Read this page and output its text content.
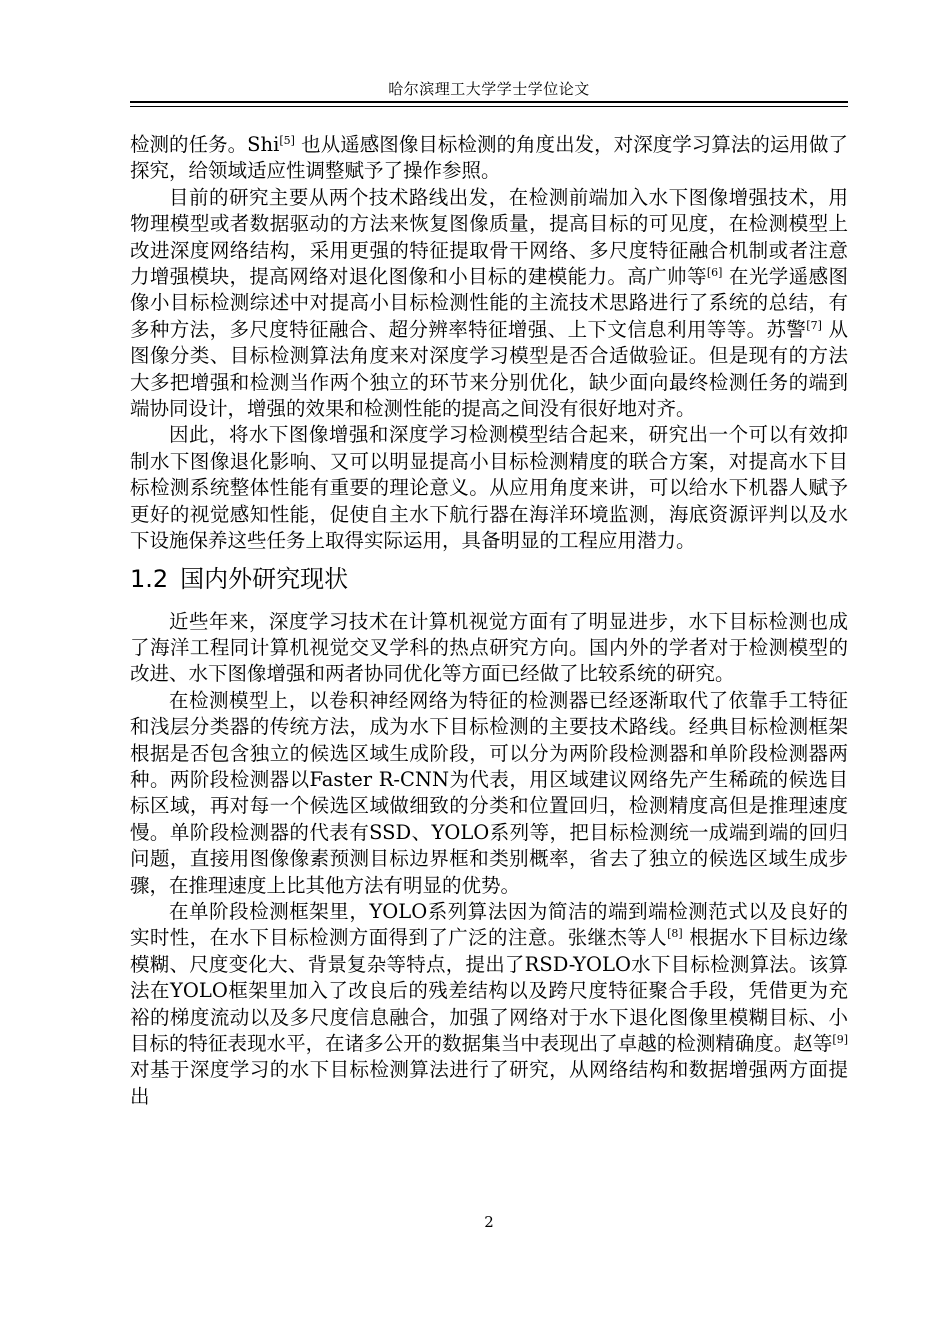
哈尔滨理工大学学士学位论文

检测的任务。Shi[5] 也从遥感图像目标检测的角度出发，对深度学习算法的运用做了探究，给领域适应性调整赋予了操作参照。

目前的研究主要从两个技术路线出发，在检测前端加入水下图像增强技术，用物理模型或者数据驱动的方法来恢复图像质量，提高目标的可见度，在检测模型上改进深度网络结构，采用更强的特征提取骨干网络、多尺度特征融合机制或者注意力增强模块，提高网络对退化图像和小目标的建模能力。高广帅等[6] 在光学遥感图像小目标检测综述中对提高小目标检测性能的主流技术思路进行了系统的总结，有多种方法，多尺度特征融合、超分辨率特征增强、上下文信息利用等等。苏警[7] 从图像分类、目标检测算法角度来对深度学习模型是否合适做验证。但是现有的方法大多把增强和检测当作两个独立的环节来分别优化，缺少面向最终检测任务的端到端协同设计，增强的效果和检测性能的提高之间没有很好地对齐。

因此，将水下图像增强和深度学习检测模型结合起来，研究出一个可以有效抑制水下图像退化影响、又可以明显提高小目标检测精度的联合方案，对提高水下目标检测系统整体性能有重要的理论意义。从应用角度来讲，可以给水下机器人赋予更好的视觉感知性能，促使自主水下航行器在海洋环境监测，海底资源评判以及水下设施保养这些任务上取得实际运用，具备明显的工程应用潜力。

1.2 国内外研究现状

近些年来，深度学习技术在计算机视觉方面有了明显进步，水下目标检测也成了海洋工程同计算机视觉交叉学科的热点研究方向。国内外的学者对于检测模型的改进、水下图像增强和两者协同优化等方面已经做了比较系统的研究。

在检测模型上，以卷积神经网络为特征的检测器已经逐渐取代了依靠手工特征和浅层分类器的传统方法，成为水下目标检测的主要技术路线。经典目标检测框架根据是否包含独立的候选区域生成阶段，可以分为两阶段检测器和单阶段检测器两种。两阶段检测器以Faster R-CNN为代表，用区域建议网络先产生稀疏的候选目标区域，再对每一个候选区域做细致的分类和位置回归，检测精度高但是推理速度慢。单阶段检测器的代表有SSD、YOLO系列等，把目标检测统一成端到端的回归问题，直接用图像像素预测目标边界框和类别概率，省去了独立的候选区域生成步骤，在推理速度上比其他方法有明显的优势。

在单阶段检测框架里，YOLO系列算法因为简洁的端到端检测范式以及良好的实时性，在水下目标检测方面得到了广泛的注意。张继杰等人[8] 根据水下目标边缘模糊、尺度变化大、背景复杂等特点，提出了RSD-YOLO水下目标检测算法。该算法在YOLO框架里加入了改良后的残差结构以及跨尺度特征聚合手段，凭借更为充裕的梯度流动以及多尺度信息融合，加强了网络对于水下退化图像里模糊目标、小目标的特征表现水平，在诸多公开的数据集当中表现出了卓越的检测精确度。赵等[9] 对基于深度学习的水下目标检测算法进行了研究，从网络结构和数据增强两方面提出

2
